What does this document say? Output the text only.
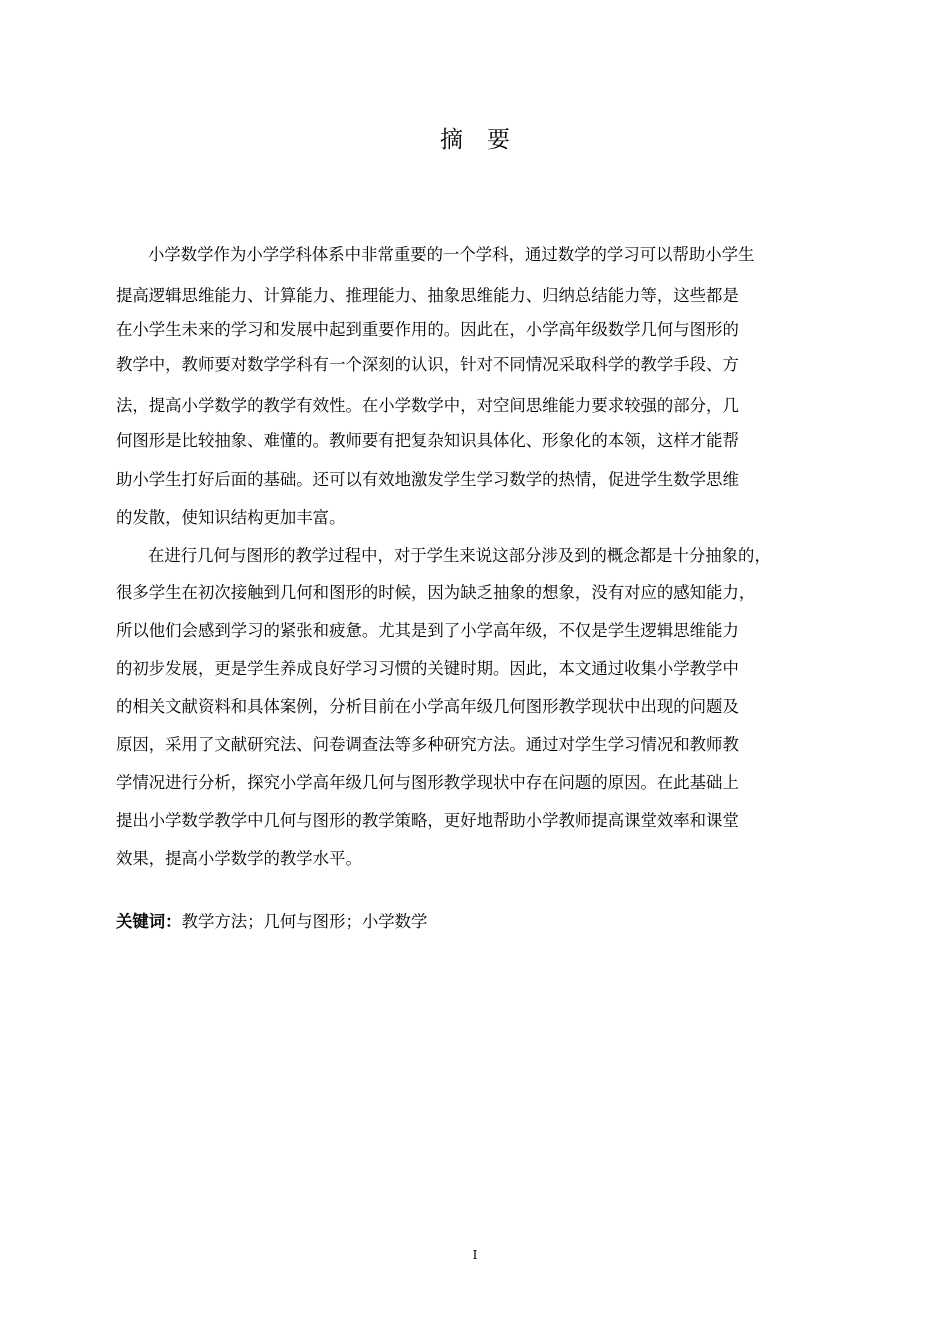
摘 要
小学数学作为小学学科体系中非常重要的一个学科，通过数学的学习可以帮助小学生
提高逻辑思维能力、计算能力、推理能力、抽象思维能力、归纳总结能力等，这些都是
在小学生未来的学习和发展中起到重要作用的。因此在，小学高年级数学几何与图形的
教学中，教师要对数学学科有一个深刻的认识，针对不同情况采取科学的教学手段、方
法，提高小学数学的教学有效性。在小学数学中，对空间思维能力要求较强的部分，几
何图形是比较抽象、难懂的。教师要有把复杂知识具体化、形象化的本领，这样才能帮
助小学生打好后面的基础。还可以有效地激发学生学习数学的热情，促进学生数学思维
的发散，使知识结构更加丰富。
在进行几何与图形的教学过程中，对于学生来说这部分涉及到的概念都是十分抽象的，
很多学生在初次接触到几何和图形的时候，因为缺乏抽象的想象，没有对应的感知能力，
所以他们会感到学习的紧张和疲惫。尤其是到了小学高年级，不仅是学生逻辑思维能力
的初步发展，更是学生养成良好学习习惯的关键时期。因此，本文通过收集小学教学中
的相关文献资料和具体案例，分析目前在小学高年级几何图形教学现状中出现的问题及
原因，采用了文献研究法、问卷调查法等多种研究方法。通过对学生学习情况和教师教
学情况进行分析，探究小学高年级几何与图形教学现状中存在问题的原因。在此基础上
提出小学数学教学中几何与图形的教学策略，更好地帮助小学教师提高课堂效率和课堂
效果，提高小学数学的教学水平。
关键词：教学方法；几何与图形；小学数学
I
